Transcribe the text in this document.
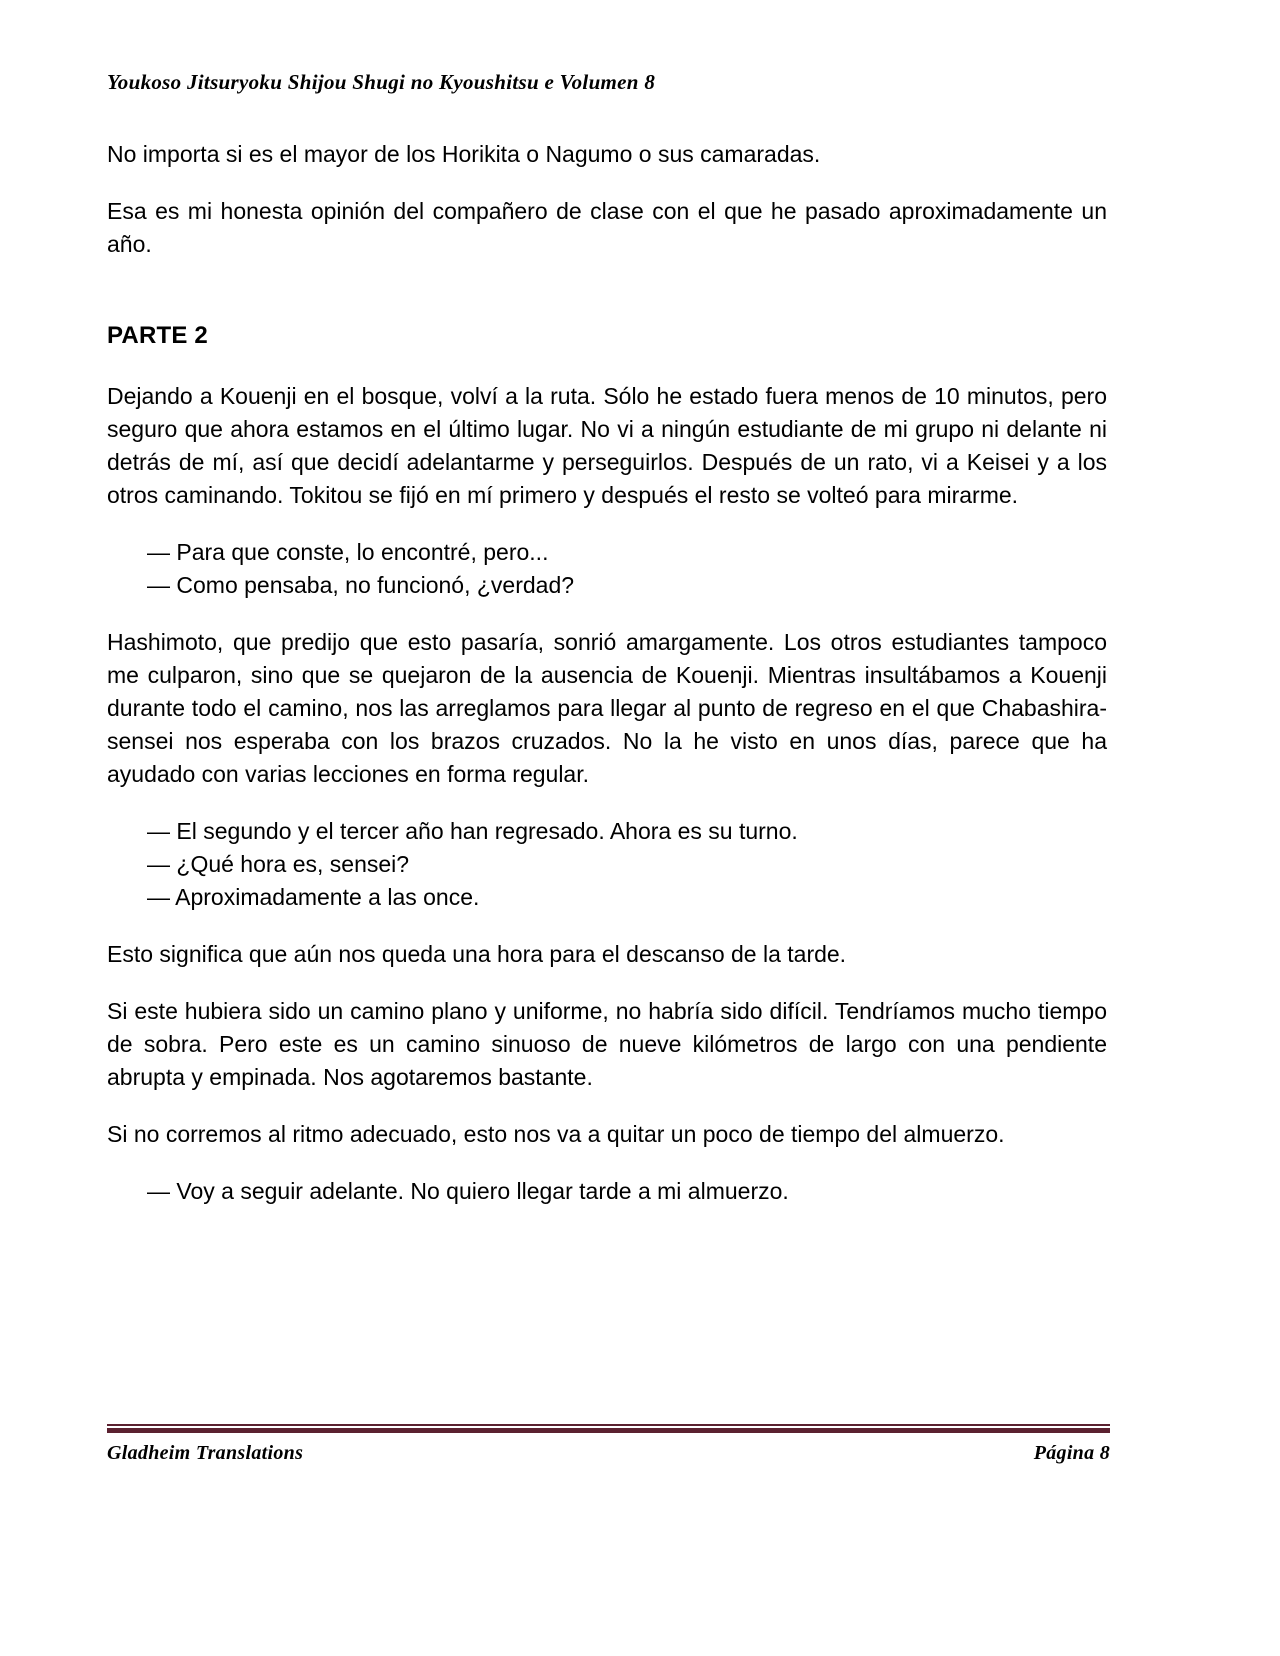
Youkoso Jitsuryoku Shijou Shugi no Kyoushitsu e Volumen 8

No importa si es el mayor de los Horikita o Nagumo o sus camaradas.

Esa es mi honesta opinión del compañero de clase con el que he pasado aproximadamente un año.

PARTE 2

Dejando a Kouenji en el bosque, volví a la ruta. Sólo he estado fuera menos de 10 minutos, pero seguro que ahora estamos en el último lugar. No vi a ningún estudiante de mi grupo ni delante ni detrás de mí, así que decidí adelantarme y perseguirlos. Después de un rato, vi a Keisei y a los otros caminando. Tokitou se fijó en mí primero y después el resto se volteó para mirarme.

— Para que conste, lo encontré, pero...

— Como pensaba, no funcionó, ¿verdad?

Hashimoto, que predijo que esto pasaría, sonrió amargamente. Los otros estudiantes tampoco me culparon, sino que se quejaron de la ausencia de Kouenji. Mientras insultábamos a Kouenji durante todo el camino, nos las arreglamos para llegar al punto de regreso en el que Chabashira-sensei nos esperaba con los brazos cruzados. No la he visto en unos días, parece que ha ayudado con varias lecciones en forma regular.

— El segundo y el tercer año han regresado. Ahora es su turno.

— ¿Qué hora es, sensei?

— Aproximadamente a las once.

Esto significa que aún nos queda una hora para el descanso de la tarde.

Si este hubiera sido un camino plano y uniforme, no habría sido difícil. Tendríamos mucho tiempo de sobra. Pero este es un camino sinuoso de nueve kilómetros de largo con una pendiente abrupta y empinada. Nos agotaremos bastante.

Si no corremos al ritmo adecuado, esto nos va a quitar un poco de tiempo del almuerzo.

— Voy a seguir adelante. No quiero llegar tarde a mi almuerzo.

Gladheim Translations	Página 8
